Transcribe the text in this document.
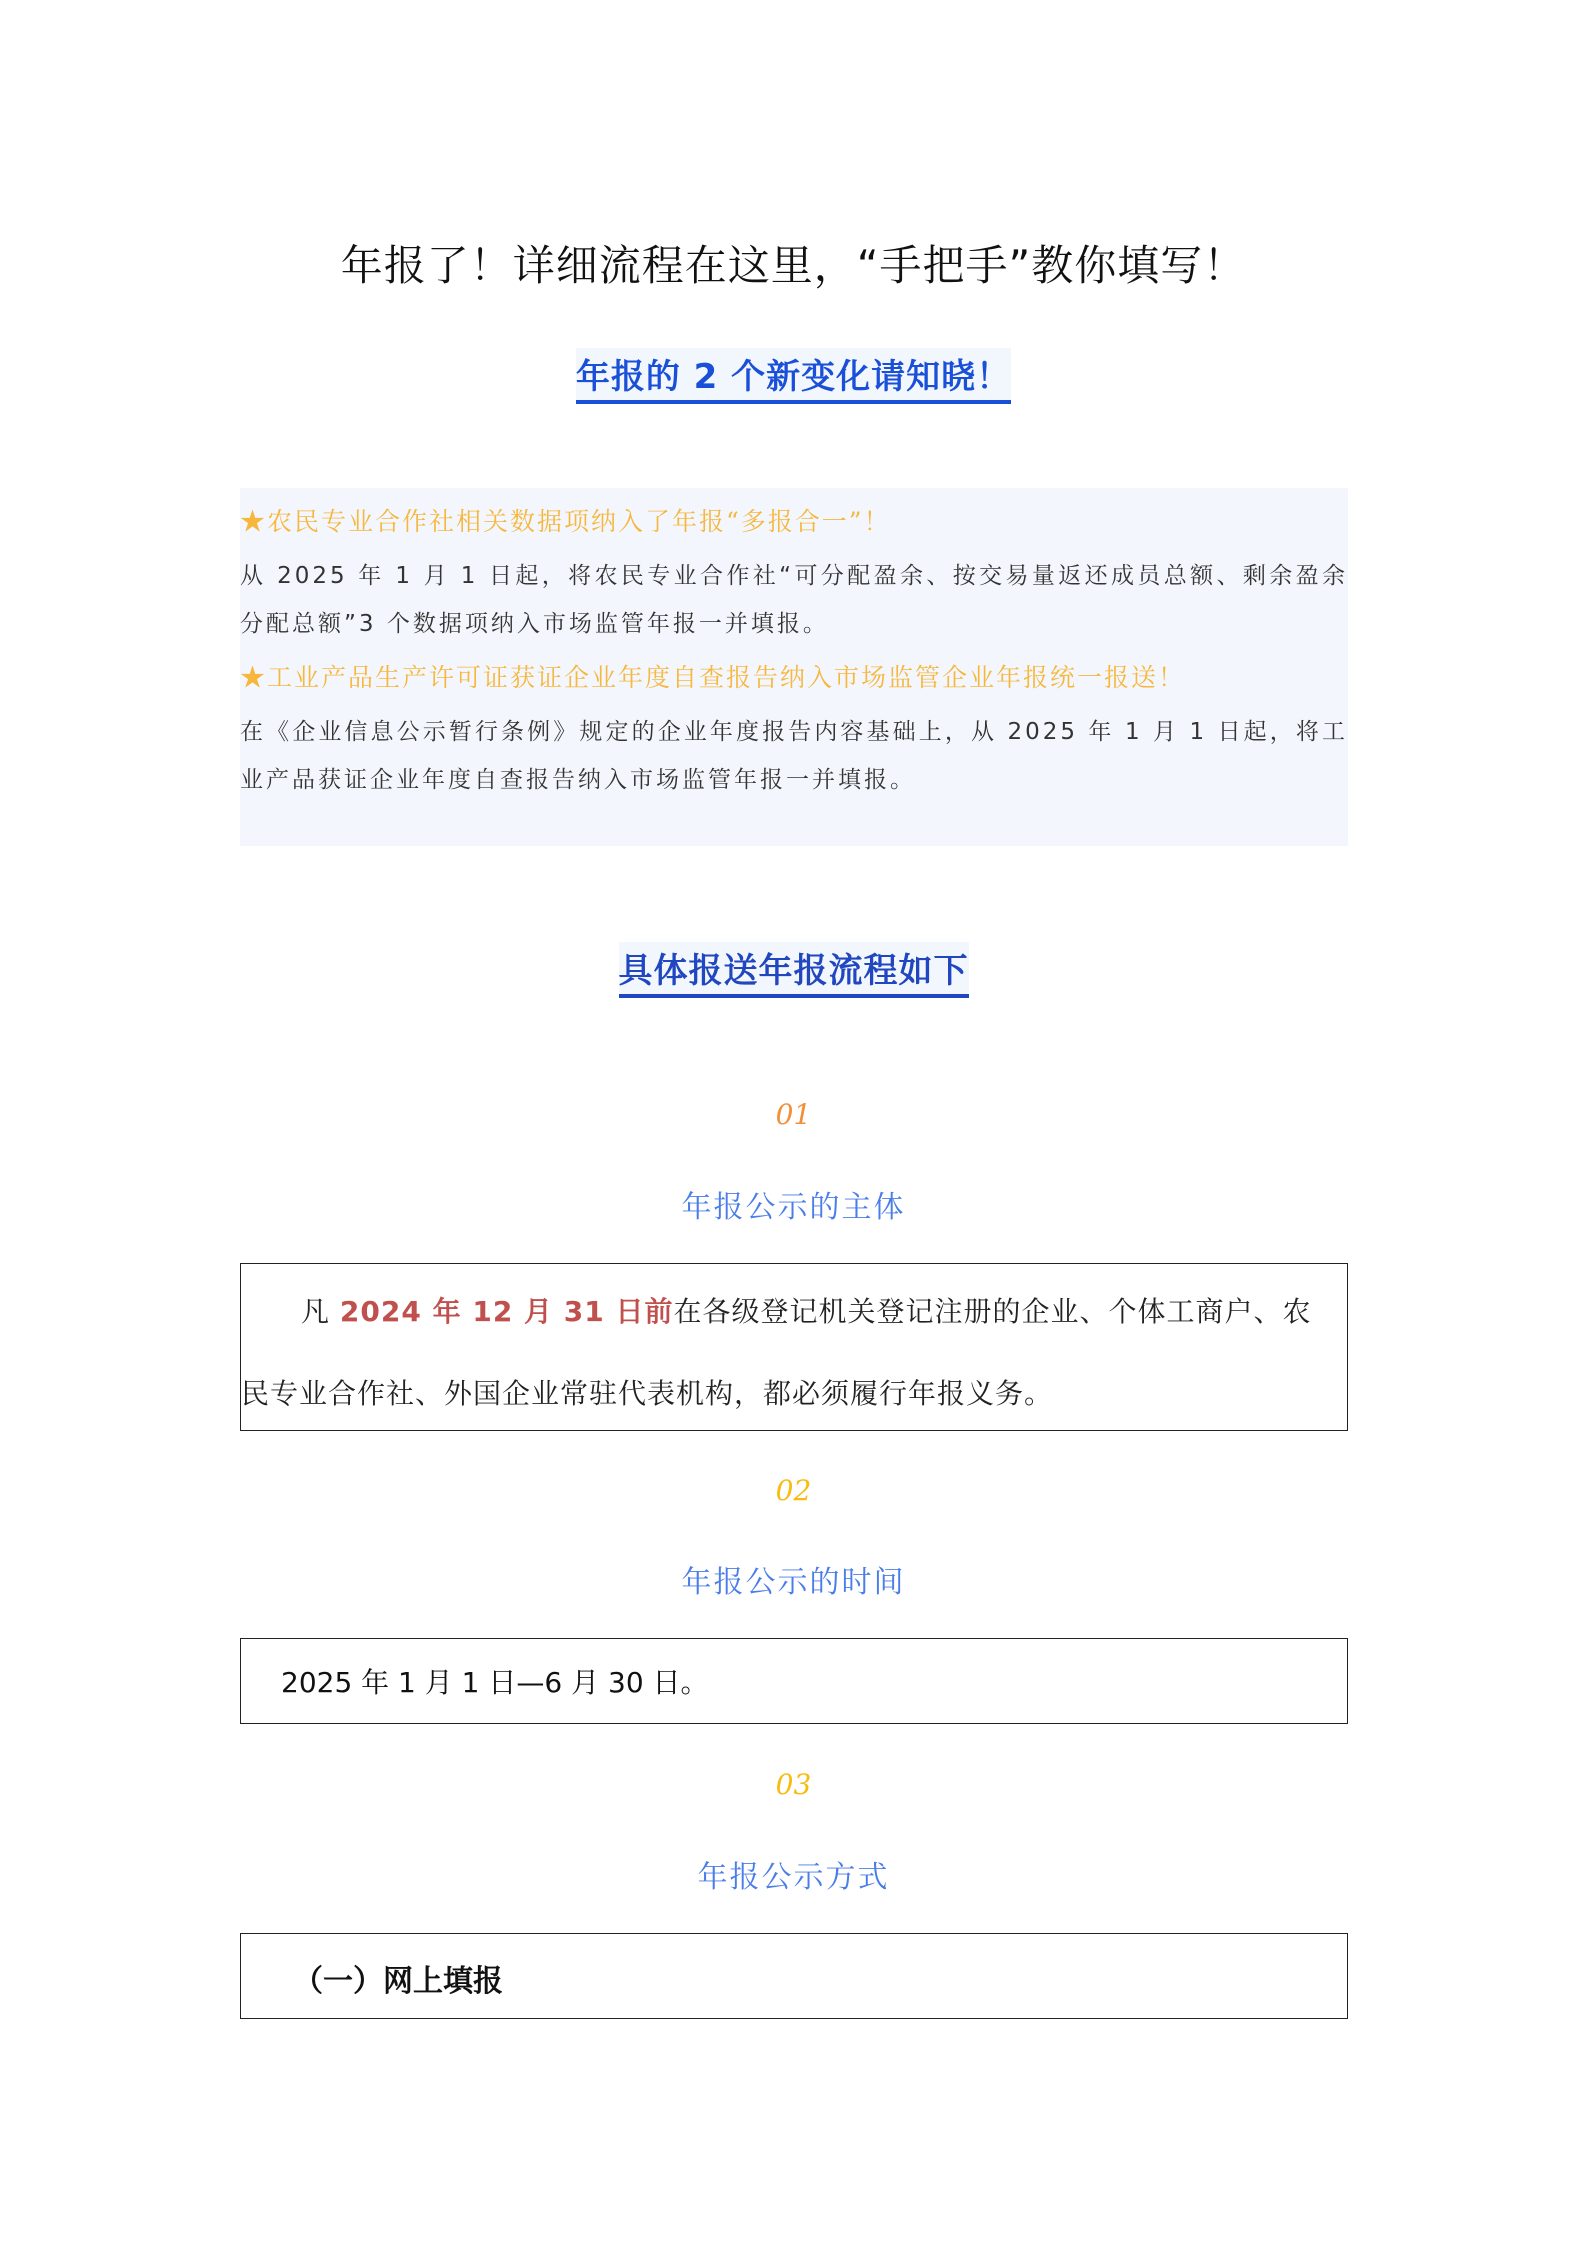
年报了！详细流程在这里，“手把手”教你填写！
年报的 2 个新变化请知晓！

★农民专业合作社相关数据项纳入了年报“多报合一”！

从 2025 年 1 月 1 日起，将农民专业合作社“可分配盈余、按交易量返还成员总额、剩余盈余分配总额”3 个数据项纳入市场监管年报一并填报。

★工业产品生产许可证获证企业年度自查报告纳入市场监管企业年报统一报送！

在《企业信息公示暂行条例》规定的企业年度报告内容基础上，从 2025 年 1 月 1 日起，将工业产品获证企业年度自查报告纳入市场监管年报一并填报。

具体报送年报流程如下
01
年报公示的主体

凡 2024 年 12 月 31 日前在各级登记机关登记注册的企业、个体工商户、农

民专业合作社、外国企业常驻代表机构，都必须履行年报义务。

02
年报公示的时间

2025 年 1 月 1 日—6 月 30 日。

03
年报公示方式

（一）网上填报
